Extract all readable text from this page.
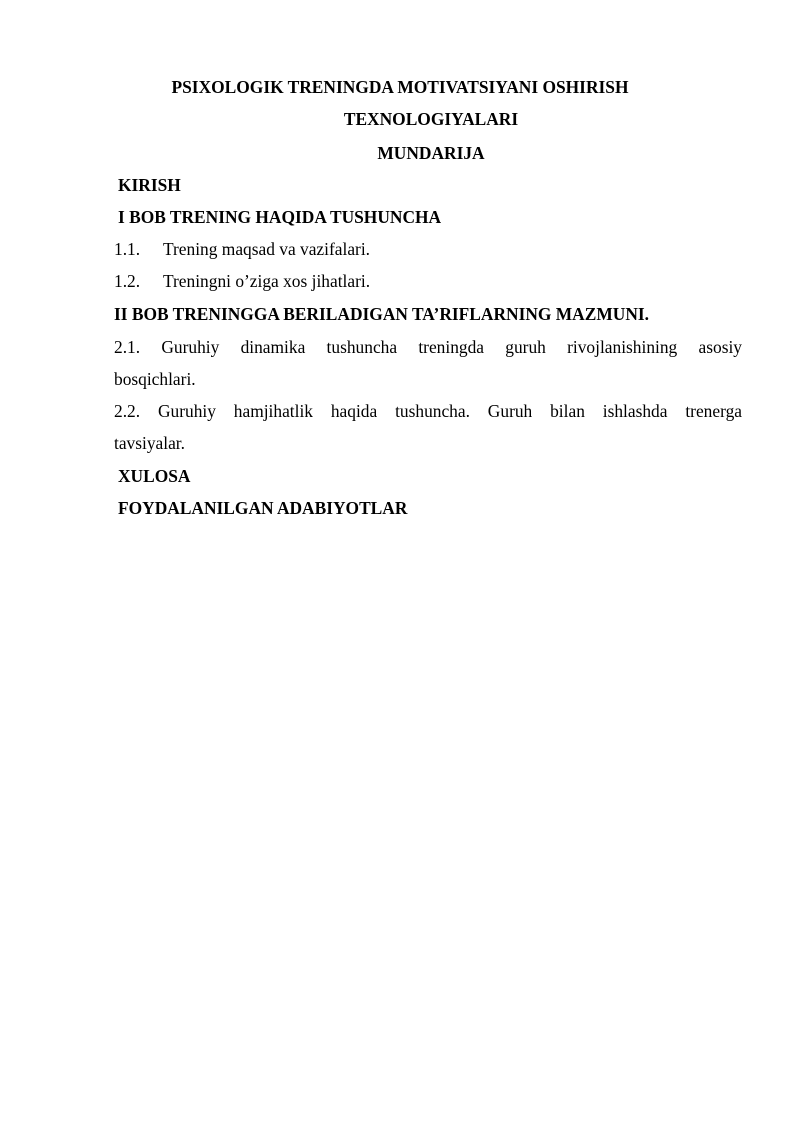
PSIXOLOGIK TRENINGDA MOTIVATSIYANI OSHIRISH
TEXNOLOGIYALARI
MUNDARIJA
KIRISH
I BOB TRENING HAQIDA TUSHUNCHA
1.1. Trening maqsad va vazifalari.
1.2. Treningni o’ziga xos jihatlari.
II BOB TRENINGGA BERILADIGAN TA’RIFLARNING MAZMUNI.
2.1. Guruhiy dinamika tushuncha treningda guruh rivojlanishining asosiy
bosqichlari.
2.2. Guruhiy hamjihatlik haqida tushuncha. Guruh bilan ishlashda trenerga
tavsiyalar.
XULOSA
FOYDALANILGAN ADABIYOTLAR
